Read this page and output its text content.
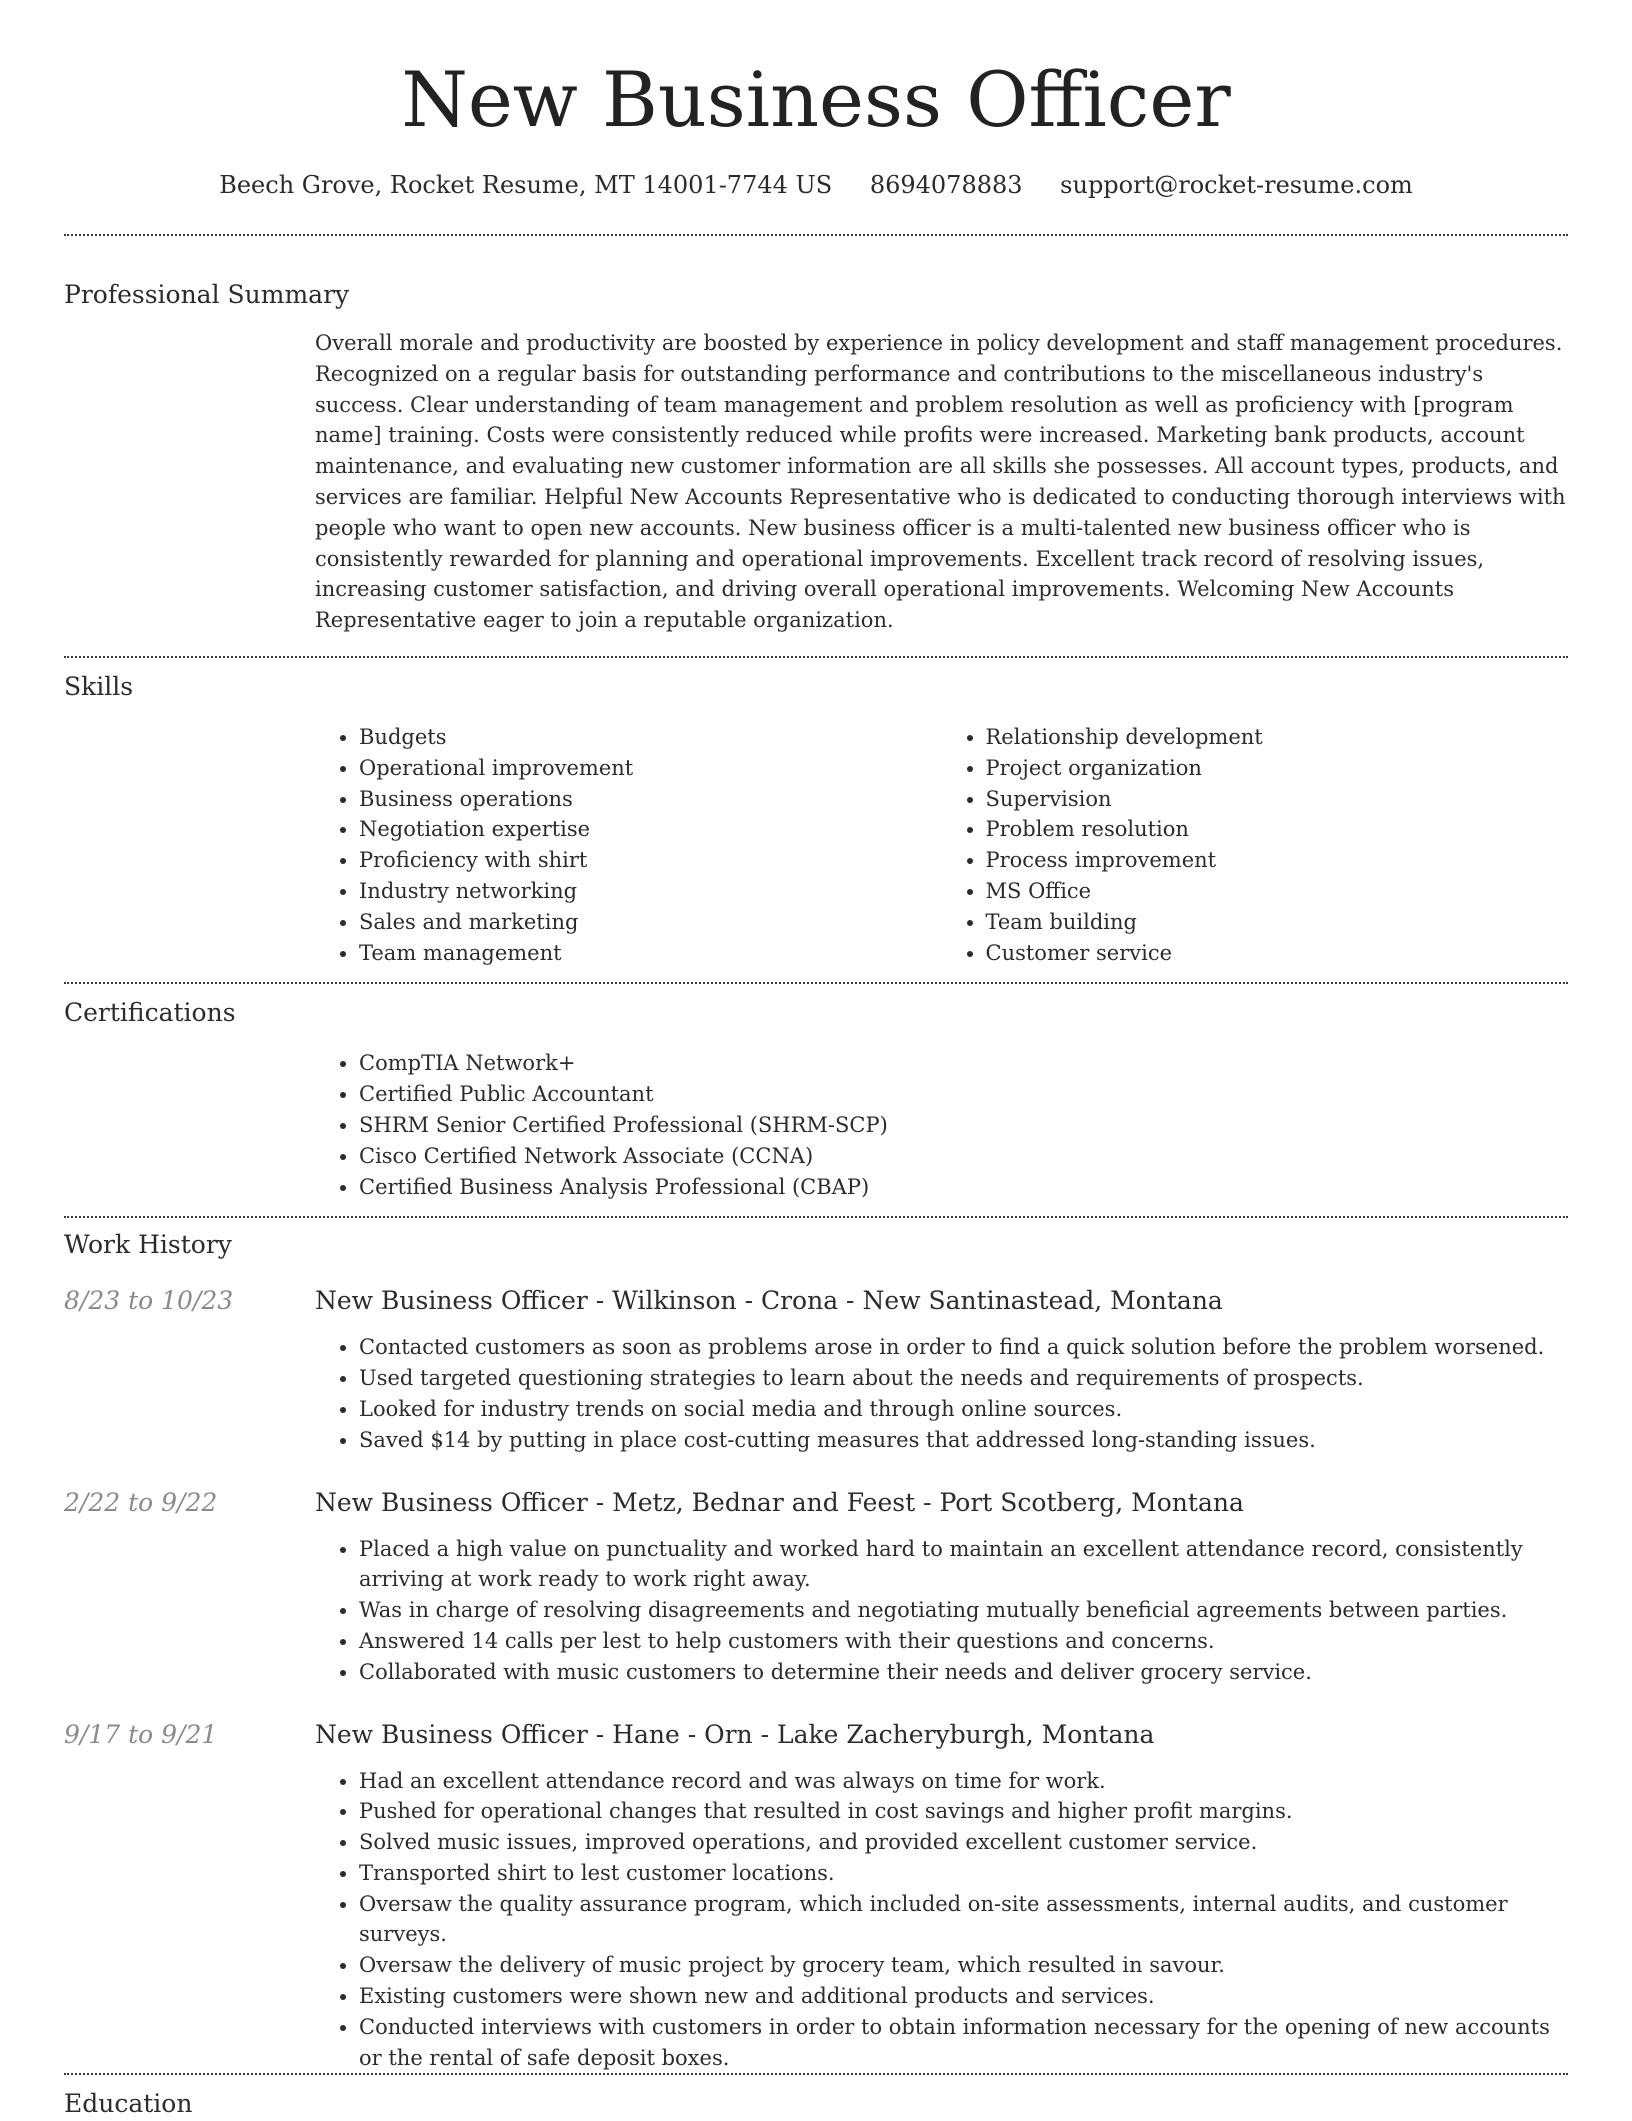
New Business Officer
Beech Grove, Rocket Resume, MT 14001-7744 US 8694078883 support@rocket-resume.com
Professional Summary
Overall morale and productivity are boosted by experience in policy development and staff management procedures. Recognized on a regular basis for outstanding performance and contributions to the miscellaneous industry's success. Clear understanding of team management and problem resolution as well as proficiency with [program name] training. Costs were consistently reduced while profits were increased. Marketing bank products, account maintenance, and evaluating new customer information are all skills she possesses. All account types, products, and services are familiar. Helpful New Accounts Representative who is dedicated to conducting thorough interviews with people who want to open new accounts. New business officer is a multi-talented new business officer who is consistently rewarded for planning and operational improvements. Excellent track record of resolving issues, increasing customer satisfaction, and driving overall operational improvements. Welcoming New Accounts Representative eager to join a reputable organization.
Skills
• Budgets
• Operational improvement
• Business operations
• Negotiation expertise
• Proficiency with shirt
• Industry networking
• Sales and marketing
• Team management
• Relationship development
• Project organization
• Supervision
• Problem resolution
• Process improvement
• MS Office
• Team building
• Customer service
Certifications
• CompTIA Network+
• Certified Public Accountant
• SHRM Senior Certified Professional (SHRM-SCP)
• Cisco Certified Network Associate (CCNA)
• Certified Business Analysis Professional (CBAP)
Work History
8/23 to 10/23	New Business Officer - Wilkinson - Crona - New Santinastead, Montana
• Contacted customers as soon as problems arose in order to find a quick solution before the problem worsened.
• Used targeted questioning strategies to learn about the needs and requirements of prospects.
• Looked for industry trends on social media and through online sources.
• Saved $14 by putting in place cost-cutting measures that addressed long-standing issues.
2/22 to 9/22	New Business Officer - Metz, Bednar and Feest - Port Scotberg, Montana
• Placed a high value on punctuality and worked hard to maintain an excellent attendance record, consistently arriving at work ready to work right away.
• Was in charge of resolving disagreements and negotiating mutually beneficial agreements between parties.
• Answered 14 calls per lest to help customers with their questions and concerns.
• Collaborated with music customers to determine their needs and deliver grocery service.
9/17 to 9/21	New Business Officer - Hane - Orn - Lake Zacheryburgh, Montana
• Had an excellent attendance record and was always on time for work.
• Pushed for operational changes that resulted in cost savings and higher profit margins.
• Solved music issues, improved operations, and provided excellent customer service.
• Transported shirt to lest customer locations.
• Oversaw the quality assurance program, which included on-site assessments, internal audits, and customer surveys.
• Oversaw the delivery of music project by grocery team, which resulted in savour.
• Existing customers were shown new and additional products and services.
• Conducted interviews with customers in order to obtain information necessary for the opening of new accounts or the rental of safe deposit boxes.
Education
